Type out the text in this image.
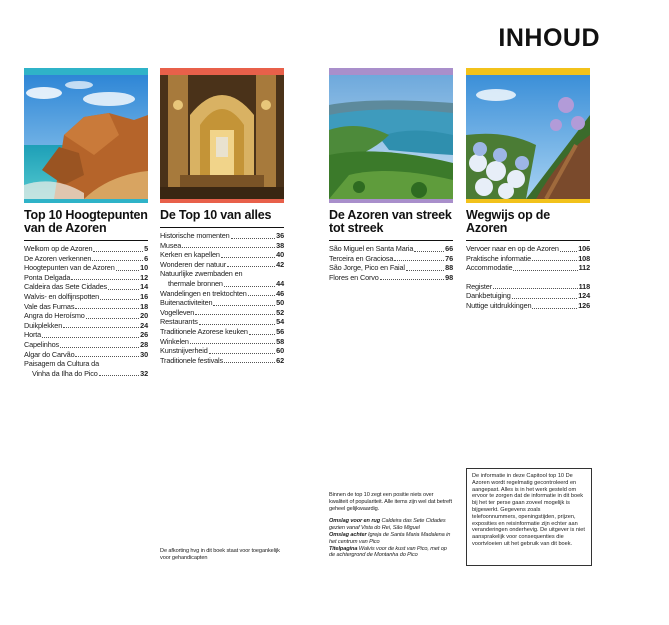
INHOUD
Top 10 Hoogtepunten van de Azoren
Welkom op de Azoren	5
De Azoren verkennen	6
Hoogtepunten van de Azoren	10
Ponta Delgada	12
Caldeira das Sete Cidades	14
Walvis- en dolfijnspotten	16
Vale das Furnas	18
Angra do Heroísmo	20
Duikplekken	24
Horta	26
Capelinhos	28
Algar do Carvão	30
Paisagem da Cultura da
Vinha da Ilha do Pico	32
De Top 10 van alles
Historische momenten	36
Musea	38
Kerken en kapellen	40
Wonderen der natuur	42
Natuurlijke zwembaden en
thermale bronnen	44
Wandelingen en trektochten	46
Buitenactiviteiten	50
Vogelleven	52
Restaurants	54
Traditionele Azorese keuken	56
Winkelen	58
Kunstnijverheid	60
Traditionele festivals	62
De Azoren van streek tot streek
São Miguel en Santa Maria	66
Terceira en Graciosa	76
São Jorge, Pico en Faial	88
Flores en Corvo	98
Wegwijs op de Azoren
Vervoer naar en op de Azoren	106
Praktische informatie	108
Accommodatie	112
Register	118
Dankbetuiging	124
Nuttige uitdrukkingen	126
De afkorting hvg in dit boek staat voor toegankelijk voor gehandicapten
Binnen de top 10 zegt een positie niets over kwaliteit of populariteit. Alle items zijn wel dat betreft geheel gelijkwaardig.
Omslag voor en rug Caldeira das Sete Cidades gezien vanaf Vista do Rei, São Miguel
Omslag achter Igreja de Santa Maria Madalena in het centrum van Pico
Titelpagina Walvis voor de kust van Pico, met op de achtergrond de Montanha do Pico
De informatie in deze Capitool top 10 De Azoren wordt regelmatig gecontroleerd en aangepast. Alles is in het werk gesteld om ervoor te zorgen dat de informatie in dit boek bij het ter perse gaan zoveel mogelijk is bijgewerkt. Gegevens zoals telefoonnummers, openingstijden, prijzen, exposities en reisinformatie zijn echter aan veranderingen onderhevig. De uitgever is niet aansprakelijk voor consequenties die voortvloeien uit het gebruik van dit boek.
